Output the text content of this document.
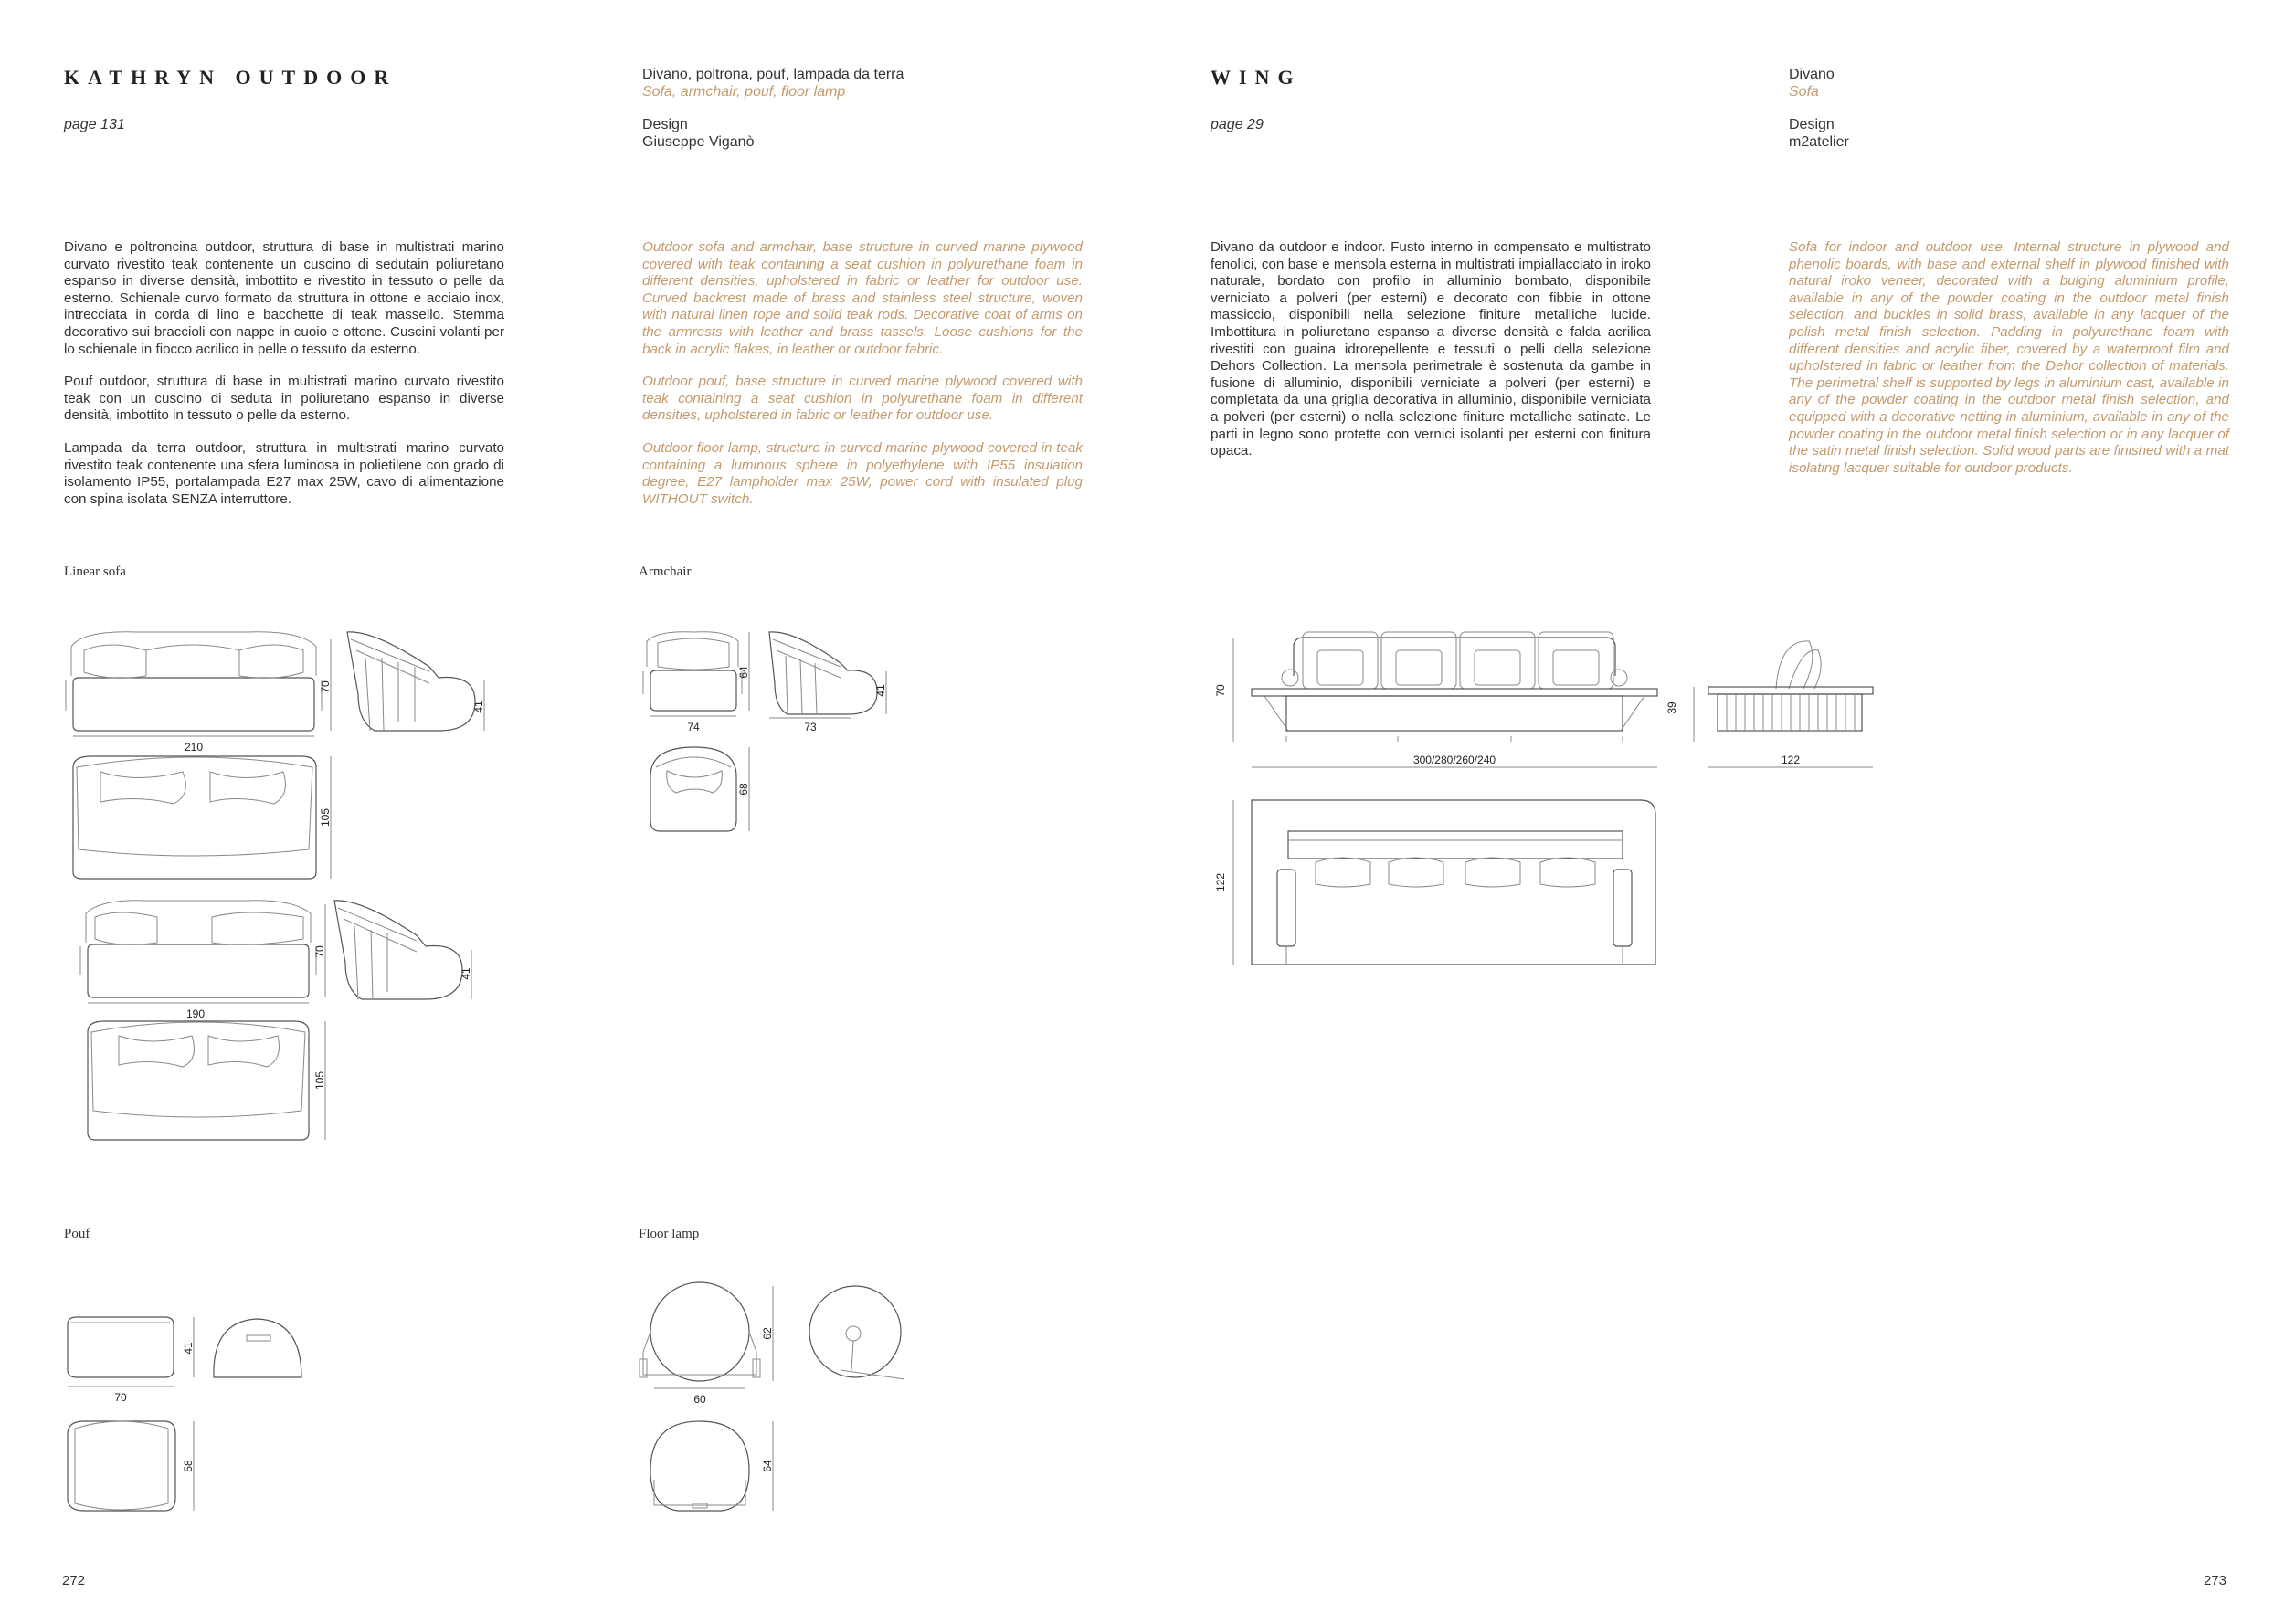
KATHRYN OUTDOOR
page 131
Divano, poltrona, pouf, lampada da terra
Sofa, armchair, pouf, floor lamp
Design
Giuseppe Viganò

Divano e poltroncina outdoor, struttura di base in multistrati marino curvato rivestito teak contenente un cuscino di sedutain poliuretano espanso in diverse densità, imbottito e rivestito in tessuto o pelle da esterno. Schienale curvo formato da struttura in ottone e acciaio inox, intrecciata in corda di lino e bacchette di teak massello. Stemma decorativo sui braccioli con nappe in cuoio e ottone. Cuscini volanti per lo schienale in fiocco acrilico in pelle o tessuto da esterno.

Pouf outdoor, struttura di base in multistrati marino curvato rivestito teak con un cuscino di seduta in poliuretano espanso in diverse densità, imbottito in tessuto o pelle da esterno.

Lampada da terra outdoor, struttura in multistrati marino curvato rivestito teak contenente una sfera luminosa in polietilene con grado di isolamento IP55, portalampada E27 max 25W, cavo di alimentazione con spina isolata SENZA interruttore.

Outdoor sofa and armchair, base structure in curved marine plywood covered with teak containing a seat cushion in polyurethane foam in different densities, upholstered in fabric or leather for outdoor use. Curved backrest made of brass and stainless steel structure, woven with natural linen rope and solid teak rods. Decorative coat of arms on the armrests with leather and brass tassels. Loose cushions for the back in acrylic flakes, in leather or outdoor fabric.

Outdoor pouf, base structure in curved marine plywood covered with teak containing a seat cushion in polyurethane foam in different densities, upholstered in fabric or leather for outdoor use.

Outdoor floor lamp, structure in curved marine plywood covered in teak containing a luminous sphere in polyethylene with IP55 insulation degree, E27 lampholder max 25W, power cord with insulated plug WITHOUT switch.

Linear sofa	Armchair
Pouf	Floor lamp
210
70
41
105
190
70
41
105
74
64
73
41
68
70
41
58
60
62
64
272
WING
page 29
Divano
Sofa
Design
m2atelier

Divano da outdoor e indoor. Fusto interno in compensato e multistrato fenolici, con base e mensola esterna in multistrati impiallacciato in iroko naturale, bordato con profilo in alluminio bombato, disponibile verniciato a polveri (per esterni) e decorato con fibbie in ottone massiccio, disponibili nella selezione finiture metalliche lucide. Imbottitura in poliuretano espanso a diverse densità e falda acrilica rivestiti con guaina idrorepellente e tessuti o pelli della selezione Dehors Collection. La mensola perimetrale è sostenuta da gambe in fusione di alluminio, disponibili verniciate a polveri (per esterni) e completata da una griglia decorativa in alluminio, disponibile verniciata a polveri (per esterni) o nella selezione finiture metalliche satinate. Le parti in legno sono protette con vernici isolanti per esterni con finitura opaca.

Sofa for indoor and outdoor use. Internal structure in plywood and phenolic boards, with base and external shelf in plywood finished with natural iroko veneer, decorated with a bulging aluminium profile, available in any of the powder coating in the outdoor metal finish selection, and buckles in solid brass, available in any lacquer of the polish metal finish selection. Padding in polyurethane foam with different densities and acrylic fiber, covered by a waterproof film and upholstered in fabric or leather from the Dehor collection of materials. The perimetral shelf is supported by legs in aluminium cast, available in any of the powder coating in the outdoor metal finish selection, and equipped with a decorative netting in aluminium, available in any of the powder coating in the outdoor metal finish selection or in any lacquer of the satin metal finish selection. Solid wood parts are finished with a mat isolating lacquer suitable for outdoor products.

70
39
300/280/260/240	122
122
273
